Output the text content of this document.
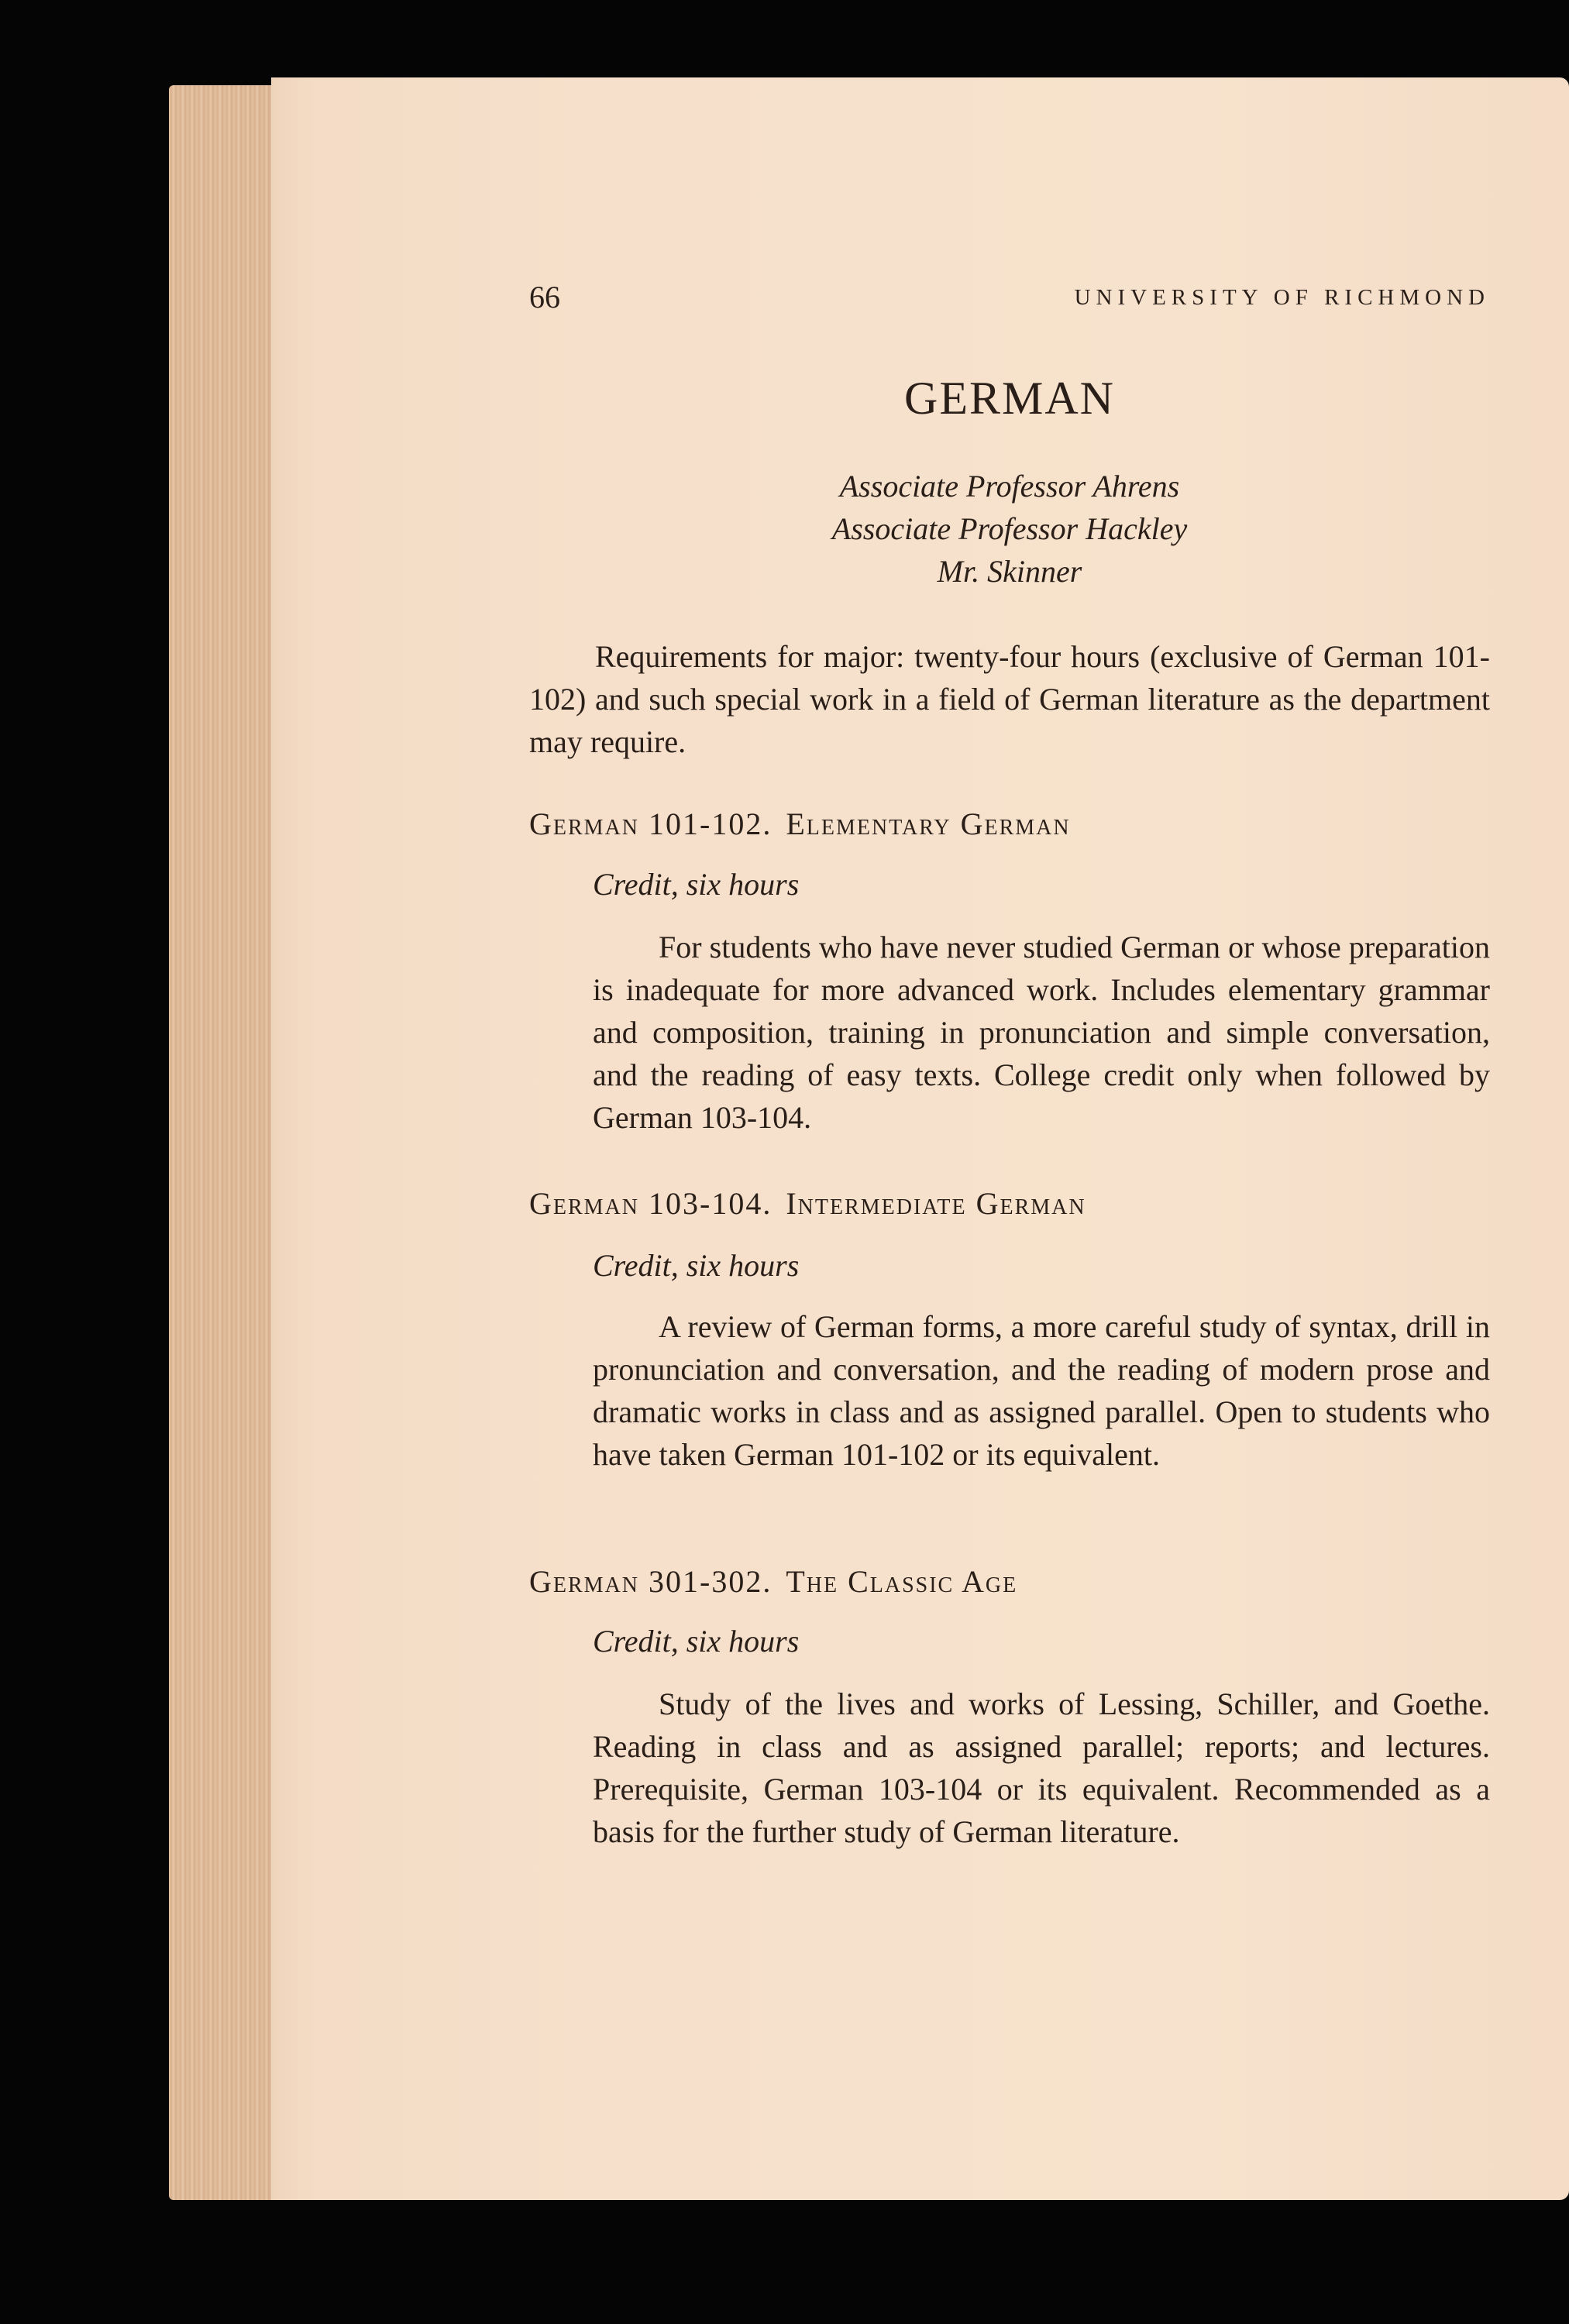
66	UNIVERSITY OF RICHMOND
GERMAN
Associate Professor Ahrens
Associate Professor Hackley
Mr. Skinner
Requirements for major: twenty-four hours (exclusive of German 101-102) and such special work in a field of German literature as the department may require.
German 101-102. Elementary German
Credit, six hours
For students who have never studied German or whose preparation is inadequate for more advanced work. Includes elementary grammar and composition, training in pronunciation and simple conversation, and the reading of easy texts. College credit only when followed by German 103-104.
German 103-104. Intermediate German
Credit, six hours
A review of German forms, a more careful study of syntax, drill in pronunciation and conversation, and the reading of modern prose and dramatic works in class and as assigned parallel. Open to students who have taken German 101-102 or its equivalent.
German 301-302. The Classic Age
Credit, six hours
Study of the lives and works of Lessing, Schiller, and Goethe. Reading in class and as assigned parallel; reports; and lectures. Prerequisite, German 103-104 or its equivalent. Recommended as a basis for the further study of German literature.
